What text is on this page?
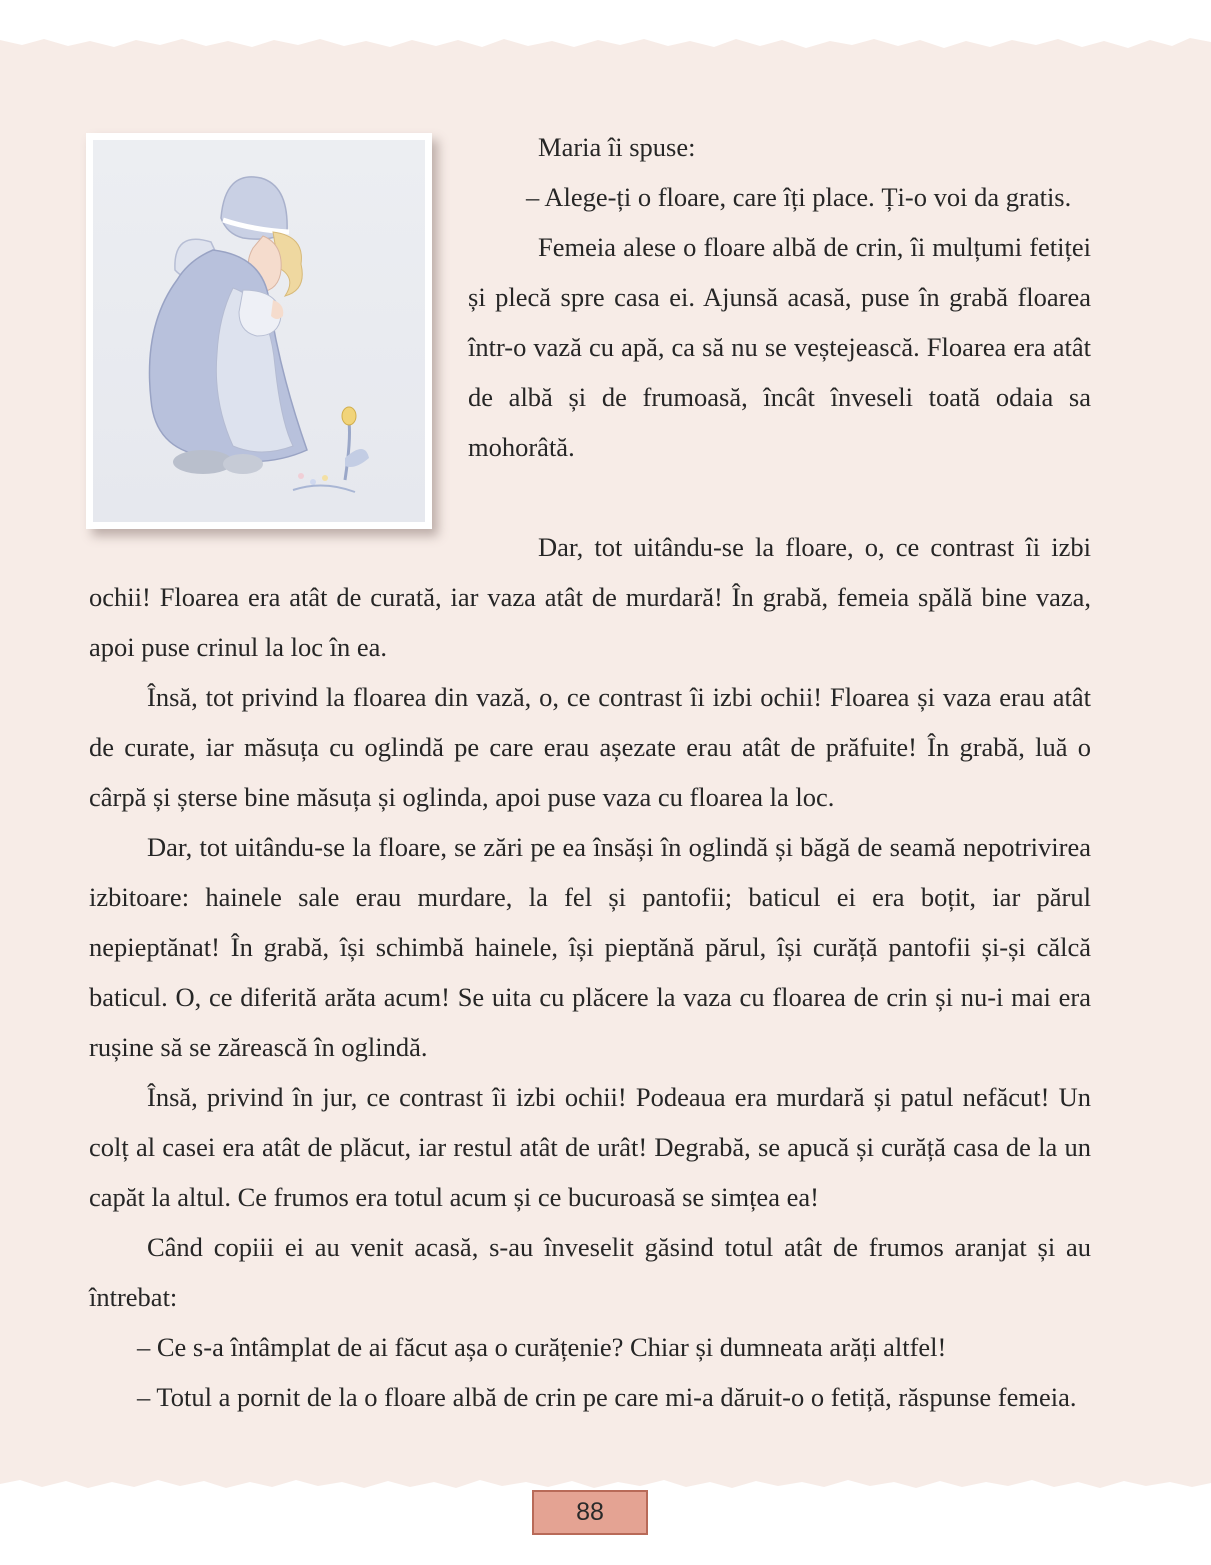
Maria îi spuse:

– Alege-ți o floare, care îți place. Ți-o voi da gratis.

Femeia alese o floare albă de crin, îi mulțumi fetiței și plecă spre casa ei. Ajunsă acasă, puse în grabă floarea într-o vază cu apă, ca să nu se veștejească. Floarea era atât de albă și de frumoasă, încât înveseli toată odaia sa mohorâtă.

Dar, tot uitându-se la floare, o, ce contrast îi izbi ochii! Floarea era atât de curată, iar vaza atât de murdară! În grabă, femeia spălă bine vaza, apoi puse crinul la loc în ea.

Însă, tot privind la floarea din vază, o, ce contrast îi izbi ochii! Floarea și vaza erau atât de curate, iar măsuța cu oglindă pe care erau așezate erau atât de prăfuite! În grabă, luă o cârpă și șterse bine măsuța și oglinda, apoi puse vaza cu floarea la loc.

Dar, tot uitându-se la floare, se zări pe ea însăși în oglindă și băgă de seamă nepotrivirea izbitoare: hainele sale erau murdare, la fel și pantofii; baticul ei era boțit, iar părul nepieptănat! În grabă, își schimbă hainele, își pieptănă părul, își curăță pantofii și-și călcă baticul. O, ce diferită arăta acum! Se uita cu plăcere la vaza cu floarea de crin și nu-i mai era rușine să se zărească în oglindă.

Însă, privind în jur, ce contrast îi izbi ochii! Podeaua era murdară și patul nefăcut! Un colț al casei era atât de plăcut, iar restul atât de urât! Degrabă, se apucă și curăță casa de la un capăt la altul. Ce frumos era totul acum și ce bucuroasă se simțea ea!

Când copiii ei au venit acasă, s-au înveselit găsind totul atât de frumos aranjat și au întrebat:

– Ce s-a întâmplat de ai făcut așa o curățenie? Chiar și dumneata arăți altfel!

– Totul a pornit de la o floare albă de crin pe care mi-a dăruit-o o fetiță, răspunse femeia.

88
